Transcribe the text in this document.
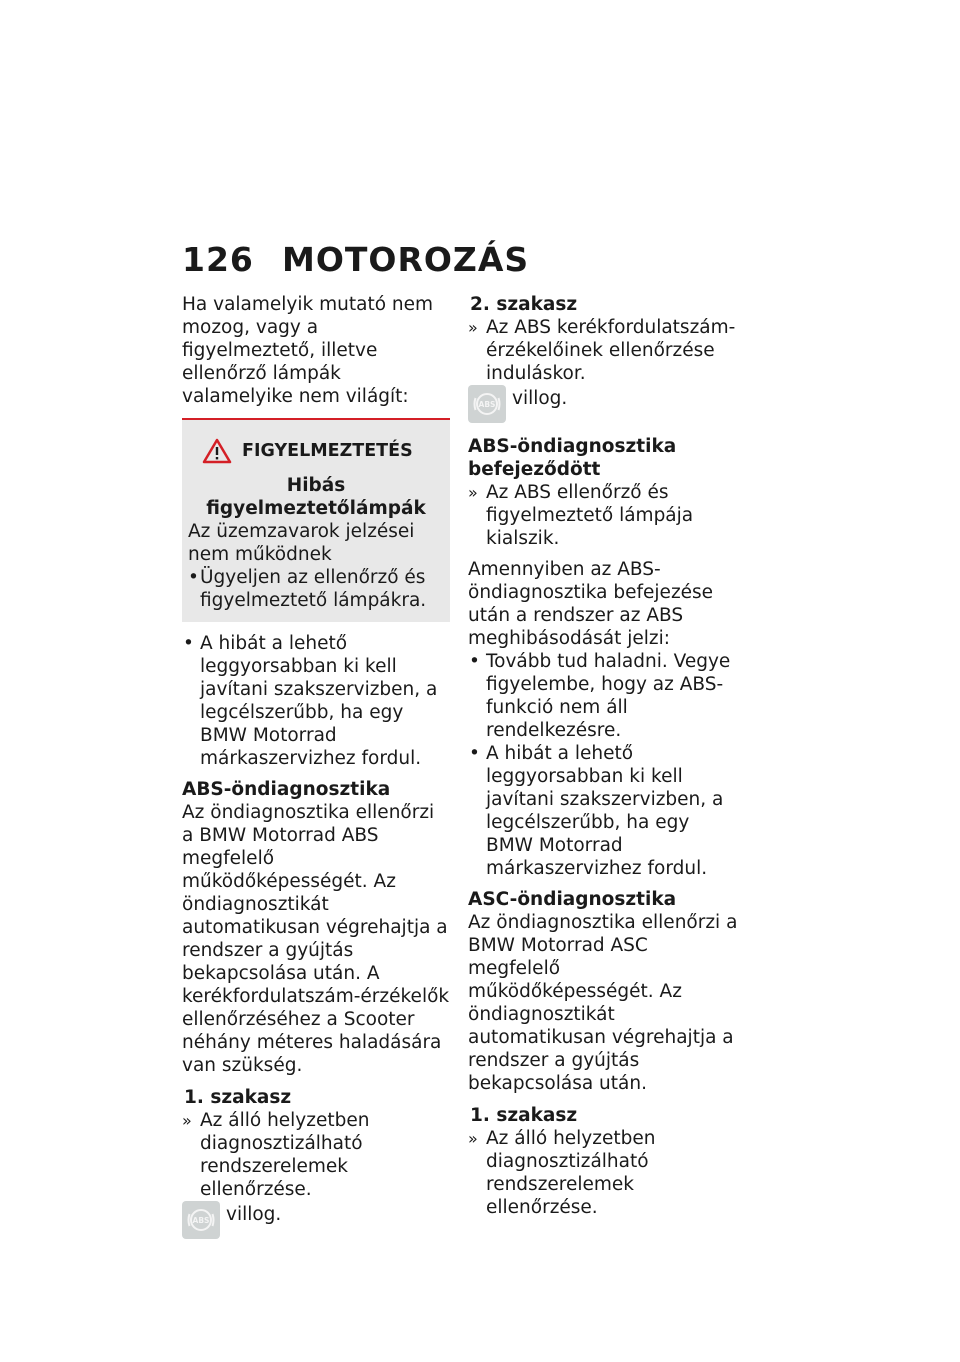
126 MOTOROZÁS

Ha valamelyik mutató nem mozog, vagy a figyelmeztető, illetve ellenőrző lámpák valamelyike nem világít:

FIGYELMEZTETÉS
Hibás figyelmeztetőlámpák

Az üzemzavarok jelzései nem működnek

• Ügyeljen az ellenőrző és figyelmeztető lámpákra.
• A hibát a lehető leggyorsabban ki kell javítani szakszervizben, a legcélszerűbb, ha egy BMW Motorrad márkaszervizhez fordul.
ABS-öndiagnosztika

Az öndiagnosztika ellenőrzi a BMW Motorrad ABS megfelelő működőképességét. Az öndiagnosztikát automatikusan végrehajtja a rendszer a gyújtás bekapcsolása után. A kerékfordulatszám-érzékelők ellenőrzéséhez a Scooter néhány méteres haladására van szükség.

1. szakasz
» Az álló helyzetben diagnosztizálható rendszerelemek ellenőrzése.
ABS villog.
2. szakasz
» Az ABS kerékfordulatszám-érzékelőinek ellenőrzése induláskor.
ABS villog.
ABS-öndiagnosztika
befejeződött
» Az ABS ellenőrző és figyelmeztető lámpája kialszik.

Amennyiben az ABS-öndiagnosztika befejezése után a rendszer az ABS meghibásodását jelzi:

• Tovább tud haladni. Vegye figyelembe, hogy az ABS-funkció nem áll rendelkezésre.
• A hibát a lehető leggyorsabban ki kell javítani szakszervizben, a legcélszerűbb, ha egy BMW Motorrad márkaszervizhez fordul.
ASC-öndiagnosztika

Az öndiagnosztika ellenőrzi a BMW Motorrad ASC megfelelő működőképességét. Az öndiagnosztikát automatikusan végrehajtja a rendszer a gyújtás bekapcsolása után.

1. szakasz
» Az álló helyzetben diagnosztizálható rendszerelemek ellenőrzése.
